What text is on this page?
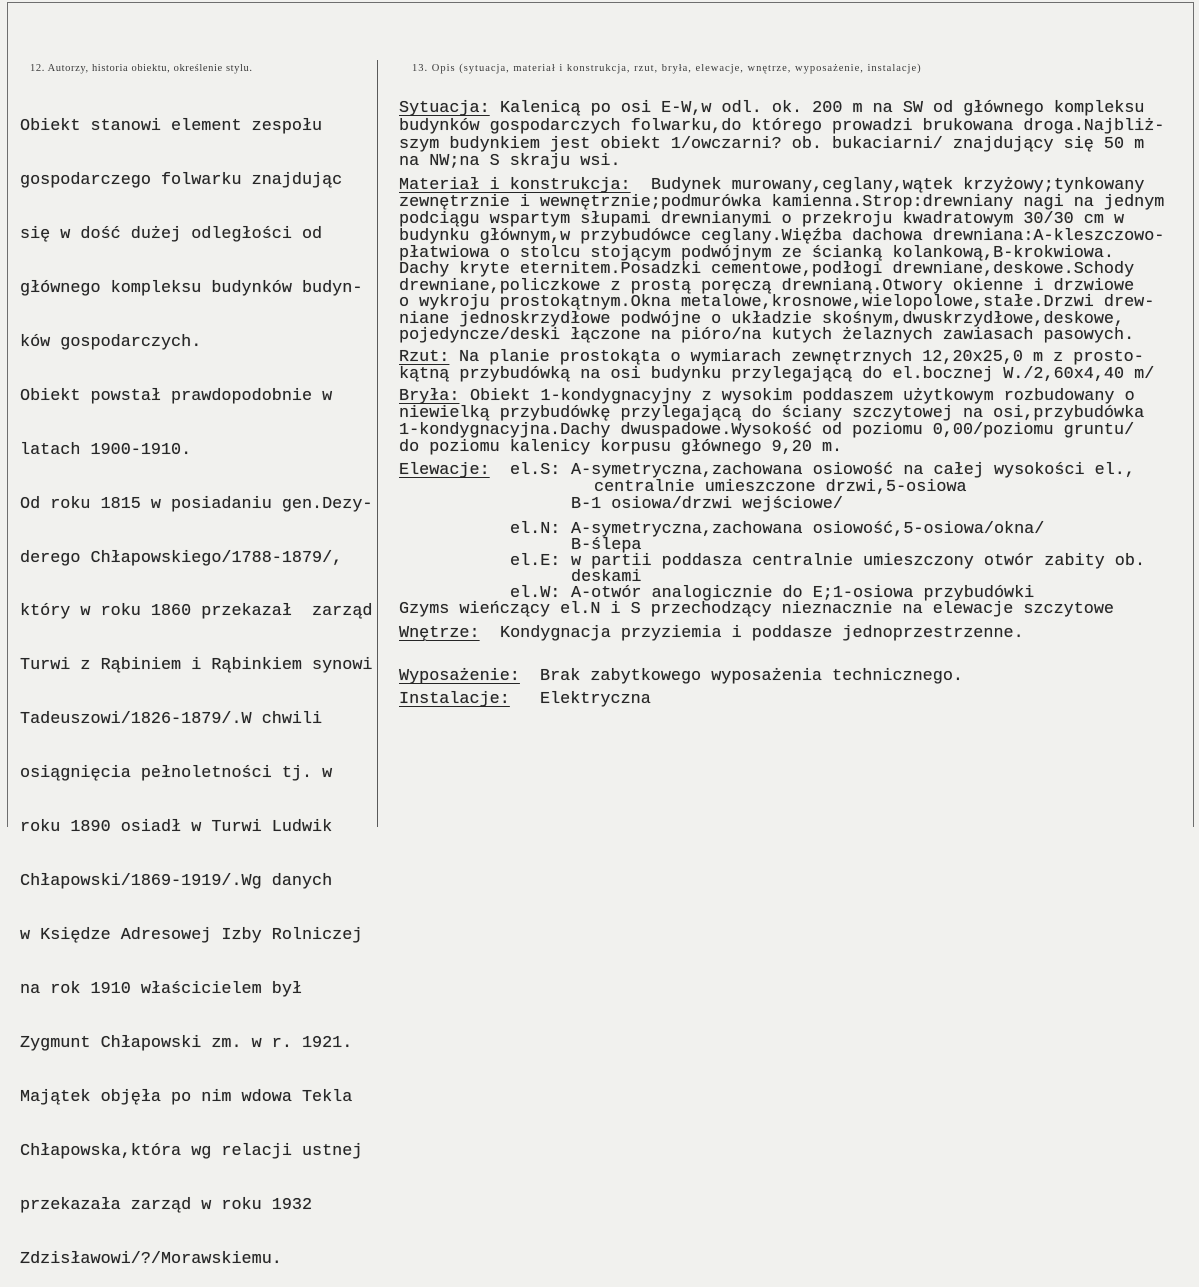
12. Autorzy, historia obiektu, określenie stylu.	13. Opis (sytuacja, materiał i konstrukcja, rzut, bryła, elewacje, wnętrze, wyposażenie, instalacje)

Obiekt stanowi element zespołu

gospodarczego folwarku znajdując

się w dość dużej odległości od

głównego kompleksu budynków budyn-

ków gospodarczych.

Obiekt powstał prawdopodobnie w

latach 1900-1910.

Od roku 1815 w posiadaniu gen.Dezy-

derego Chłapowskiego/1788-1879/,

który w roku 1860 przekazał  zarząd

Turwi z Rąbiniem i Rąbinkiem synowi

Tadeuszowi/1826-1879/.W chwili

osiągnięcia pełnoletności tj. w

roku 1890 osiadł w Turwi Ludwik

Chłapowski/1869-1919/.Wg danych

w Księdze Adresowej Izby Rolniczej

na rok 1910 właścicielem był

Zygmunt Chłapowski zm. w r. 1921.

Majątek objęła po nim wdowa Tekla

Chłapowska,która wg relacji ustnej

przekazała zarząd w roku 1932

Zdzisławowi/?/Morawskiemu.

Sytuacja: Kalenicą po osi E-W,w odl. ok. 200 m na SW od głównego kompleksu
budynków gospodarczych folwarku,do którego prowadzi brukowana droga.Najbliż-
szym budynkiem jest obiekt 1/owczarni? ob. bukaciarni/ znajdujący się 50 m
na NW;na S skraju wsi.
Materiał i konstrukcja: Budynek murowany,ceglany,wątek krzyżowy;tynkowany
zewnętrznie i wewnętrznie;podmurówka kamienna.Strop:drewniany nagi na jednym
podciągu wspartym słupami drewnianymi o przekroju kwadratowym 30/30 cm w
budynku głównym,w przybudówce ceglany.Więźba dachowa drewniana:A-kleszczowo-
płatwiowa o stolcu stojącym podwójnym ze ścianką kolankową,B-krokwiowa.
Dachy kryte eternitem.Posadzki cementowe,podłogi drewniane,deskowe.Schody
drewniane,policzkowe z prostą poręczą drewnianą.Otwory okienne i drzwiowe
o wykroju prostokątnym.Okna metalowe,krosnowe,wielopolowe,stałe.Drzwi drew-
niane jednoskrzydłowe podwójne o układzie skośnym,dwuskrzydłowe,deskowe,
pojedyncze/deski łączone na pióro/na kutych żelaznych zawiasach pasowych.
Rzut: Na planie prostokąta o wymiarach zewnętrznych 12,20x25,0 m z prosto-
kątną przybudówką na osi budynku przylegającą do el.bocznej W./2,60x4,40 m/
Bryła: Obiekt 1-kondygnacyjny z wysokim poddaszem użytkowym rozbudowany o
niewielką przybudówkę przylegającą do ściany szczytowej na osi,przybudówka
1-kondygnacyjna.Dachy dwuspadowe.Wysokość od poziomu 0,00/poziomu gruntu/
do poziomu kalenicy korpusu głównego 9,20 m.
Elewacje: el.S: A-symetryczna,zachowana osiowość na całej wysokości el.,
centralnie umieszczone drzwi,5-osiowa
B-1 osiowa/drzwi wejściowe/
el.N: A-symetryczna,zachowana osiowość,5-osiowa/okna/
B-ślepa
el.E: w partii poddasza centralnie umieszczony otwór zabity ob.
deskami
el.W: A-otwór analogicznie do E;1-osiowa przybudówki
Gzyms wieńczący el.N i S przechodzący nieznacznie na elewacje szczytowe
Wnętrze: Kondygnacja przyziemia i poddasze jednoprzestrzenne.
Wyposażenie: Brak zabytkowego wyposażenia technicznego.
Instalacje: Elektryczna
